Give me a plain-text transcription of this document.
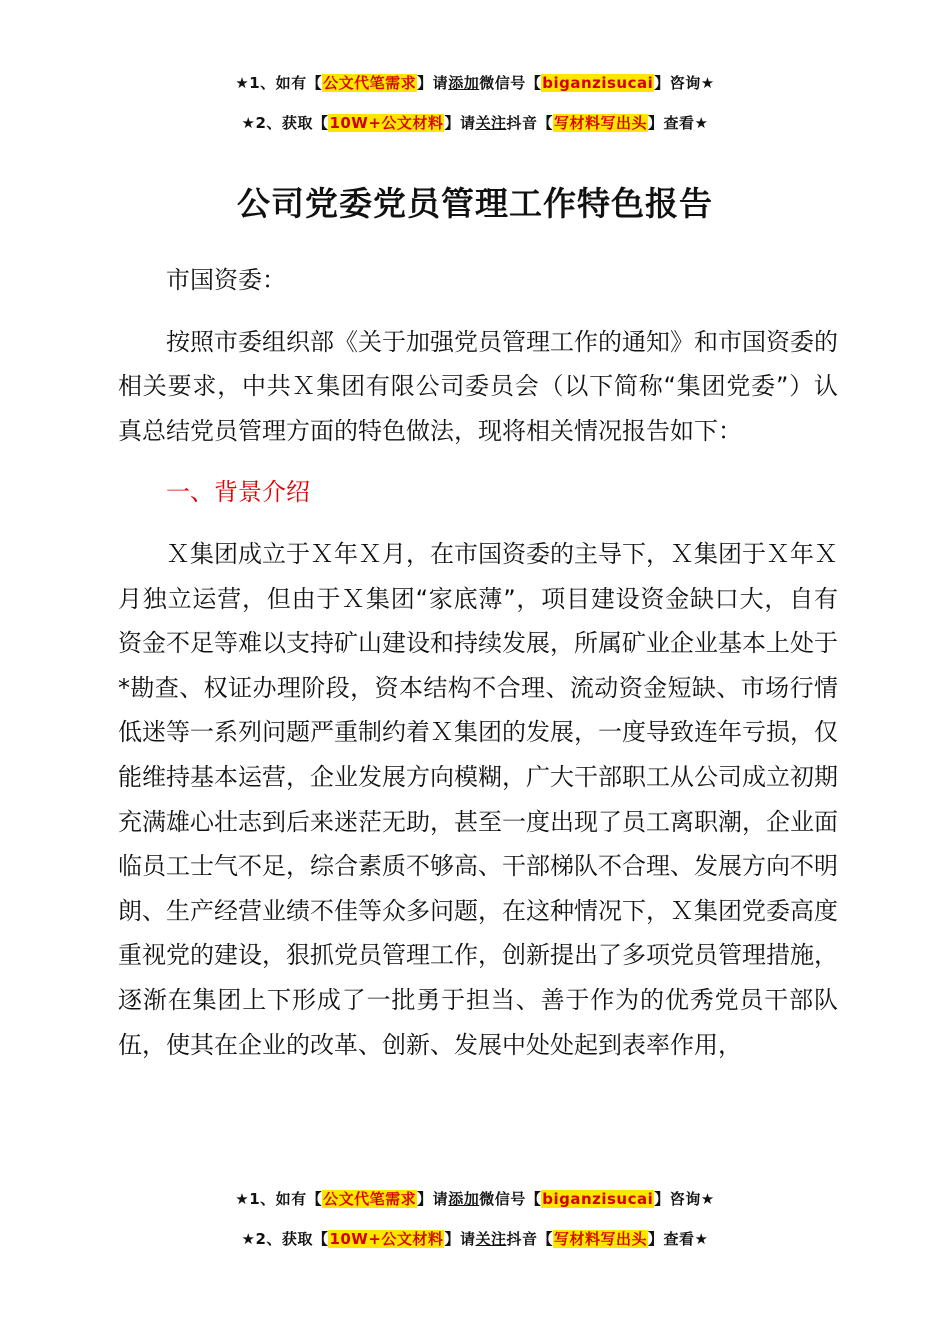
★1、如有【公文代笔需求】请添加微信号【biganzisucai】咨询★
★2、获取【10W+公文材料】请关注抖音【写材料写出头】查看★
公司党委党员管理工作特色报告

市国资委：

按照市委组织部《关于加强党员管理工作的通知》和市国资委的相关要求，中共Ｘ集团有限公司委员会（以下简称“集团党委”）认真总结党员管理方面的特色做法，现将相关情况报告如下：

一、背景介绍

Ｘ集团成立于Ｘ年Ｘ月，在市国资委的主导下，Ｘ集团于Ｘ年Ｘ月独立运营，但由于Ｘ集团“家底薄”，项目建设资金缺口大，自有资金不足等难以支持矿山建设和持续发展，所属矿业企业基本上处于*勘查、权证办理阶段，资本结构不合理、流动资金短缺、市场行情低迷等一系列问题严重制约着Ｘ集团的发展，一度导致连年亏损，仅能维持基本运营，企业发展方向模糊，广大干部职工从公司成立初期充满雄心壮志到后来迷茫无助，甚至一度出现了员工离职潮，企业面临员工士气不足，综合素质不够高、干部梯队不合理、发展方向不明朗、生产经营业绩不佳等众多问题，在这种情况下，Ｘ集团党委高度重视党的建设，狠抓党员管理工作，创新提出了多项党员管理措施，逐渐在集团上下形成了一批勇于担当、善于作为的优秀党员干部队伍，使其在企业的改革、创新、发展中处处起到表率作用，

★1、如有【公文代笔需求】请添加微信号【biganzisucai】咨询★
★2、获取【10W+公文材料】请关注抖音【写材料写出头】查看★
